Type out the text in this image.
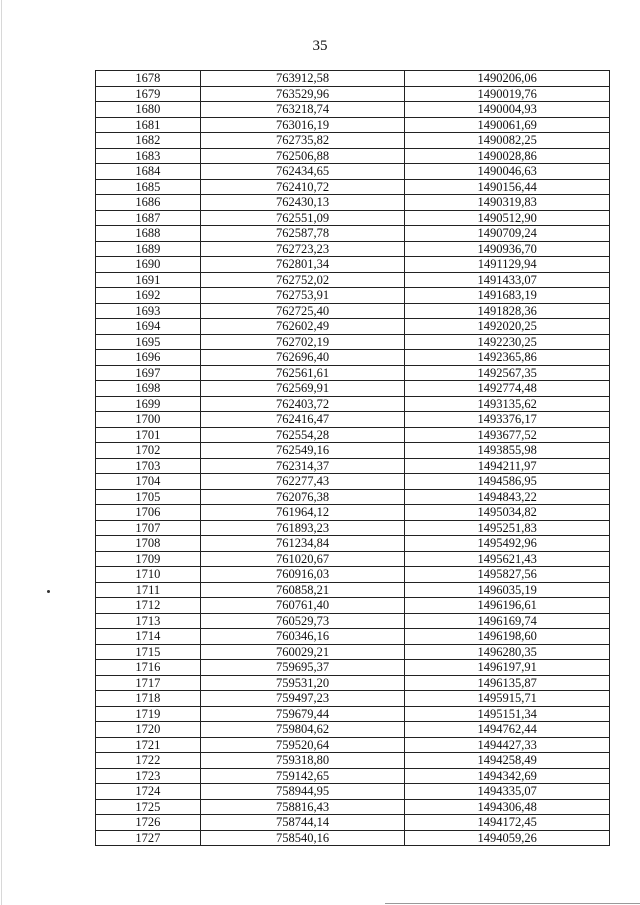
35
1678	763912,58	1490206,06
1679	763529,96	1490019,76
1680	763218,74	1490004,93
1681	763016,19	1490061,69
1682	762735,82	1490082,25
1683	762506,88	1490028,86
1684	762434,65	1490046,63
1685	762410,72	1490156,44
1686	762430,13	1490319,83
1687	762551,09	1490512,90
1688	762587,78	1490709,24
1689	762723,23	1490936,70
1690	762801,34	1491129,94
1691	762752,02	1491433,07
1692	762753,91	1491683,19
1693	762725,40	1491828,36
1694	762602,49	1492020,25
1695	762702,19	1492230,25
1696	762696,40	1492365,86
1697	762561,61	1492567,35
1698	762569,91	1492774,48
1699	762403,72	1493135,62
1700	762416,47	1493376,17
1701	762554,28	1493677,52
1702	762549,16	1493855,98
1703	762314,37	1494211,97
1704	762277,43	1494586,95
1705	762076,38	1494843,22
1706	761964,12	1495034,82
1707	761893,23	1495251,83
1708	761234,84	1495492,96
1709	761020,67	1495621,43
1710	760916,03	1495827,56
1711	760858,21	1496035,19
1712	760761,40	1496196,61
1713	760529,73	1496169,74
1714	760346,16	1496198,60
1715	760029,21	1496280,35
1716	759695,37	1496197,91
1717	759531,20	1496135,87
1718	759497,23	1495915,71
1719	759679,44	1495151,34
1720	759804,62	1494762,44
1721	759520,64	1494427,33
1722	759318,80	1494258,49
1723	759142,65	1494342,69
1724	758944,95	1494335,07
1725	758816,43	1494306,48
1726	758744,14	1494172,45
1727	758540,16	1494059,26
